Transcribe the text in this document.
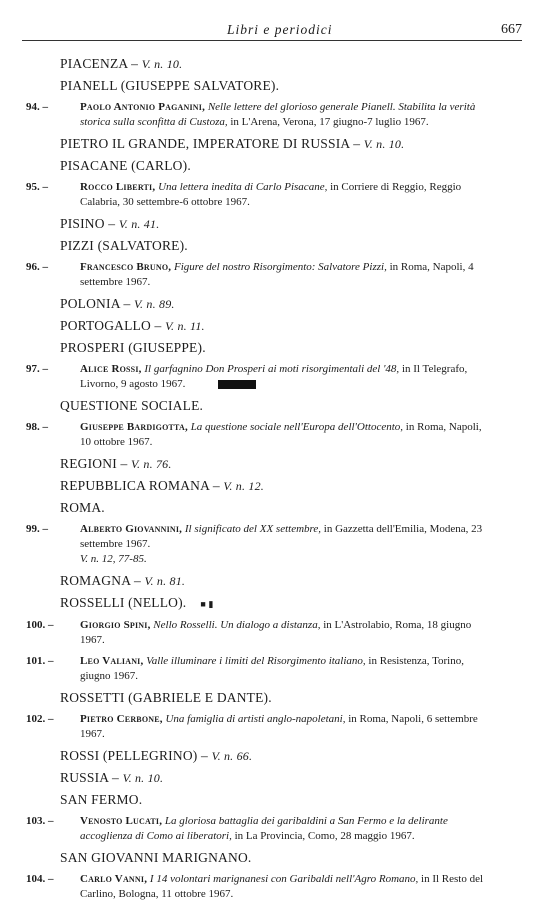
Libri e periodici	667
PIACENZA – V. n. 10.
PIANELL (GIUSEPPE SALVATORE).
94. –	Paolo Antonio Paganini, Nelle lettere del glorioso generale Pianell. Stabilita la verità storica sulla sconfitta di Custoza, in L'Arena, Verona, 17 giugno-7 luglio 1967.
PIETRO IL GRANDE, IMPERATORE DI RUSSIA – V. n. 10.
PISACANE (CARLO).
95. –	Rocco Liberti, Una lettera inedita di Carlo Pisacane, in Corriere di Reggio, Reggio Calabria, 30 settembre-6 ottobre 1967.
PISINO – V. n. 41.
PIZZI (SALVATORE).
96. –	Francesco Bruno, Figure del nostro Risorgimento: Salvatore Pizzi, in Roma, Napoli, 4 settembre 1967.
POLONIA – V. n. 89.
PORTOGALLO – V. n. 11.
PROSPERI (GIUSEPPE).
97. –	Alice Rossi, Il garfagnino Don Prosperi ai moti risorgimentali del '48, in Il Telegrafo, Livorno, 9 agosto 1967.
QUESTIONE SOCIALE.
98. –	Giuseppe Bardigotta, La questione sociale nell'Europa dell'Ottocento, in Roma, Napoli, 10 ottobre 1967.
REGIONI – V. n. 76.
REPUBBLICA ROMANA – V. n. 12.
ROMA.
99. –	Alberto Giovannini, Il significato del XX settembre, in Gazzetta dell'Emilia, Modena, 23 settembre 1967.
V. n. 12, 77-85.
ROMAGNA – V. n. 81.
ROSSELLI (NELLO). ■ ▮
100. – Giorgio Spini, Nello Rosselli. Un dialogo a distanza, in L'Astrolabio, Roma, 18 giugno 1967.
101. – Leo Valiani, Valle illuminare i limiti del Risorgimento italiano, in Resistenza, Torino, giugno 1967.
ROSSETTI (GABRIELE E DANTE).
102. – Pietro Cerbone, Una famiglia di artisti anglo-napoletani, in Roma, Napoli, 6 settembre 1967.
ROSSI (PELLEGRINO) – V. n. 66.
RUSSIA – V. n. 10.
SAN FERMO.
103. – Venosto Lucati, La gloriosa battaglia dei garibaldini a San Fermo e la delirante accoglienza di Como ai liberatori, in La Provincia, Como, 28 maggio 1967.
SAN GIOVANNI MARIGNANO.
104. – Carlo Vanni, I 14 volontari marignanesi con Garibaldi nell'Agro Romano, in Il Resto del Carlino, Bologna, 11 ottobre 1967.
